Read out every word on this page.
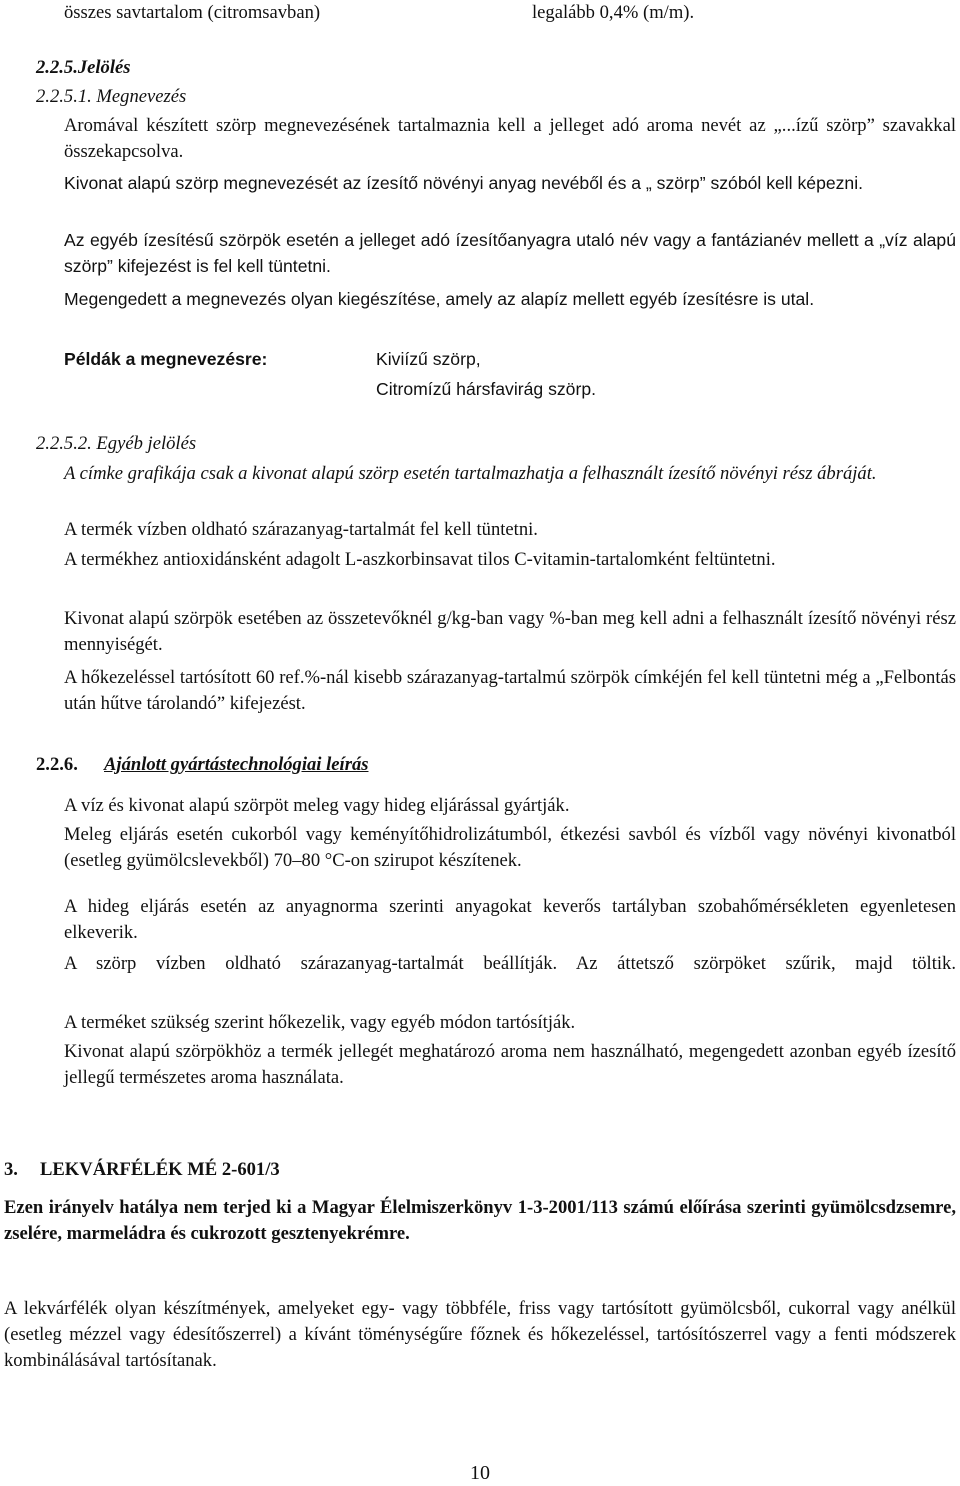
összes savtartalom (citromsavban)	legalább 0,4% (m/m).
2.2.5.Jelölés
2.2.5.1. Megnevezés

Aromával készített szörp megnevezésének tartalmaznia kell a jelleget adó aroma nevét az „...ízű szörp” szavakkal összekapcsolva.

Kivonat alapú szörp megnevezését az ízesítő növényi anyag nevéből és a „ szörp” szóból kell képezni.

Az egyéb ízesítésű szörpök esetén a jelleget adó ízesítőanyagra utaló név vagy a fantázianév mellett a „víz alapú szörp” kifejezést is fel kell tüntetni.

Megengedett a megnevezés olyan kiegészítése, amely az alapíz mellett egyéb ízesítésre is utal.

Példák a megnevezésre:	Kiviízű szörp,
Citromízű hársfavirág szörp.
2.2.5.2. Egyéb jelölés

A címke grafikája csak a kivonat alapú szörp esetén tartalmazhatja a felhasznált ízesítő növényi rész ábráját.

A termék vízben oldható szárazanyag-tartalmát fel kell tüntetni.

A termékhez antioxidánsként adagolt L-aszkorbinsavat tilos C-vitamin-tartalomként feltüntetni.

Kivonat alapú szörpök esetében az összetevőknél g/kg-ban vagy %-ban meg kell adni a felhasznált ízesítő növényi rész mennyiségét.

A hőkezeléssel tartósított 60 ref.%-nál kisebb szárazanyag-tartalmú szörpök címkéjén fel kell tüntetni még a „Felbontás után hűtve tárolandó” kifejezést.

2.2.6. Ajánlott gyártástechnológiai leírás

A víz és kivonat alapú szörpöt meleg vagy hideg eljárással gyártják.

Meleg eljárás esetén cukorból vagy keményítőhidrolizátumból, étkezési savból és vízből vagy növényi kivonatból (esetleg gyümölcslevekből) 70–80 °C-on szirupot készítenek.

A hideg eljárás esetén az anyagnorma szerinti anyagokat keverős tartályban szobahőmérsékleten egyenletesen elkeverik.

A szörp vízben oldható szárazanyag-tartalmát beállítják. Az áttetsző szörpöket szűrik, majd töltik.

A terméket szükség szerint hőkezelik, vagy egyéb módon tartósítják.

Kivonat alapú szörpökhöz a termék jellegét meghatározó aroma nem használható, megengedett azonban egyéb ízesítő jellegű természetes aroma használata.

3. LEKVÁRFÉLÉK MÉ 2-601/3

Ezen irányelv hatálya nem terjed ki a Magyar Élelmiszerkönyv 1-3-2001/113 számú előírása szerinti gyümölcsdzsemre, zselére, marmeládra és cukrozott gesztenyekrémre.

A lekvárfélék olyan készítmények, amelyeket egy- vagy többféle, friss vagy tartósított gyümölcsből, cukorral vagy anélkül (esetleg mézzel vagy édesítőszerrel) a kívánt töménységűre főznek és hőkezeléssel, tartósítószerrel vagy a fenti módszerek kombinálásával tartósítanak.

10
